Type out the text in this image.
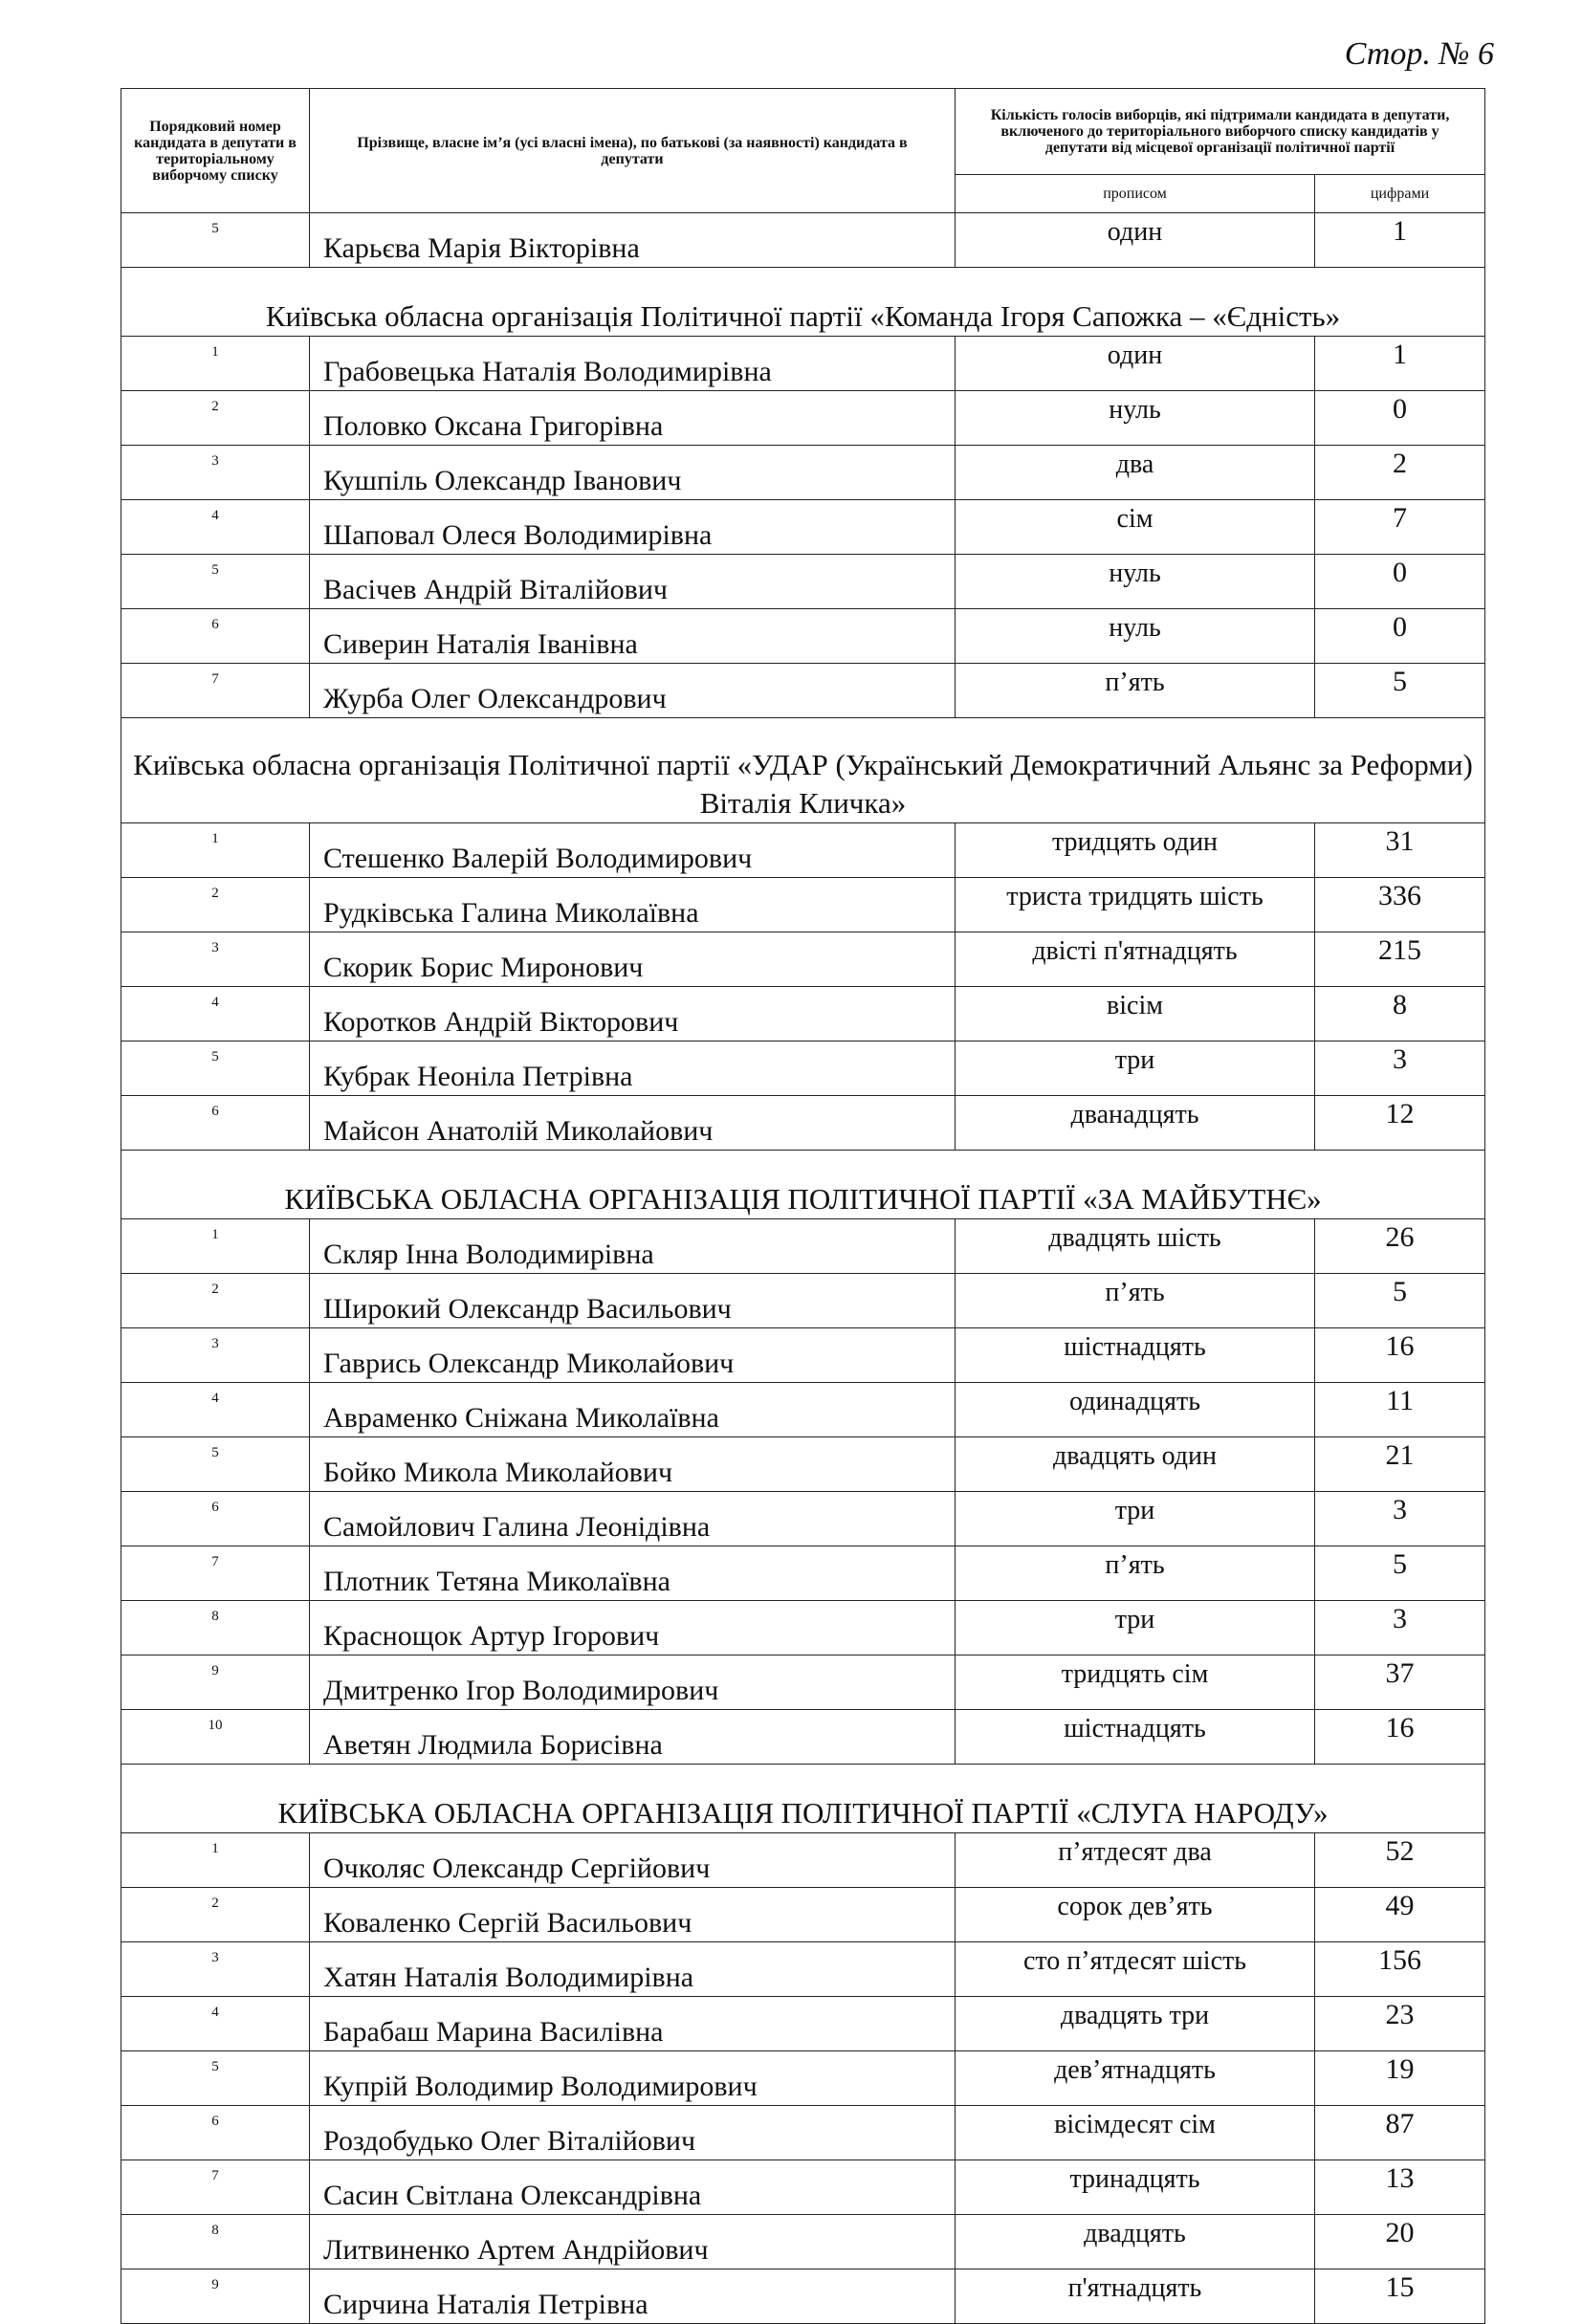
Стор. № 6
Порядковий номер кандидата в депутати в територіальному виборчому списку	Прізвище, власне ім’я (усі власні імена), по батькові (за наявності) кандидата в депутати	Кількість голосів виборців, які підтримали кандидата в депутати, включеного до територіального виборчого списку кандидатів у депутати від місцевої організації політичної партії	
		прописом	цифрами
5	Карьєва Марія Вікторівна	один	1
Київська обласна організація Політичної партії «Команда Ігоря Сапожка – «Єдність»			
1	Грабовецька Наталія Володимирівна	один	1
2	Половко Оксана Григорівна	нуль	0
3	Кушпіль Олександр Іванович	два	2
4	Шаповал Олеся Володимирівна	сім	7
5	Васічев Андрій Віталійович	нуль	0
6	Сиверин Наталія Іванівна	нуль	0
7	Журба Олег Олександрович	п’ять	5
Київська обласна організація Політичної партії «УДАР (Український Демократичний Альянс за Реформи) Віталія Кличка»			
1	Стешенко Валерій Володимирович	тридцять один	31
2	Рудківська Галина Миколаївна	триста тридцять шість	336
3	Скорик Борис Миронович	двісті п'ятнадцять	215
4	Коротков Андрій Вікторович	вісім	8
5	Кубрак Неоніла Петрівна	три	3
6	Майсон Анатолій Миколайович	дванадцять	12
КИЇВСЬКА ОБЛАСНА ОРГАНІЗАЦІЯ ПОЛІТИЧНОЇ ПАРТІЇ «ЗА МАЙБУТНЄ»			
1	Скляр Інна Володимирівна	двадцять шість	26
2	Широкий Олександр Васильович	п’ять	5
3	Гаврись Олександр Миколайович	шістнадцять	16
4	Авраменко Сніжана Миколаївна	одинадцять	11
5	Бойко Микола Миколайович	двадцять один	21
6	Самойлович Галина Леонідівна	три	3
7	Плотник Тетяна Миколаївна	п’ять	5
8	Краснощок Артур Ігорович	три	3
9	Дмитренко Ігор Володимирович	тридцять сім	37
10	Аветян Людмила Борисівна	шістнадцять	16
КИЇВСЬКА ОБЛАСНА ОРГАНІЗАЦІЯ ПОЛІТИЧНОЇ ПАРТІЇ «СЛУГА НАРОДУ»			
1	Очколяс Олександр Сергійович	п’ятдесят два	52
2	Коваленко Сергій Васильович	сорок дев’ять	49
3	Хатян Наталія Володимирівна	сто п’ятдесят шість	156
4	Барабаш Марина Василівна	двадцять три	23
5	Купрій Володимир Володимирович	дев’ятнадцять	19
6	Роздобудько Олег Віталійович	вісімдесят сім	87
7	Сасин Світлана Олександрівна	тринадцять	13
8	Литвиненко Артем Андрійович	двадцять	20
9	Сирчина Наталія Петрівна	п'ятнадцять	15
